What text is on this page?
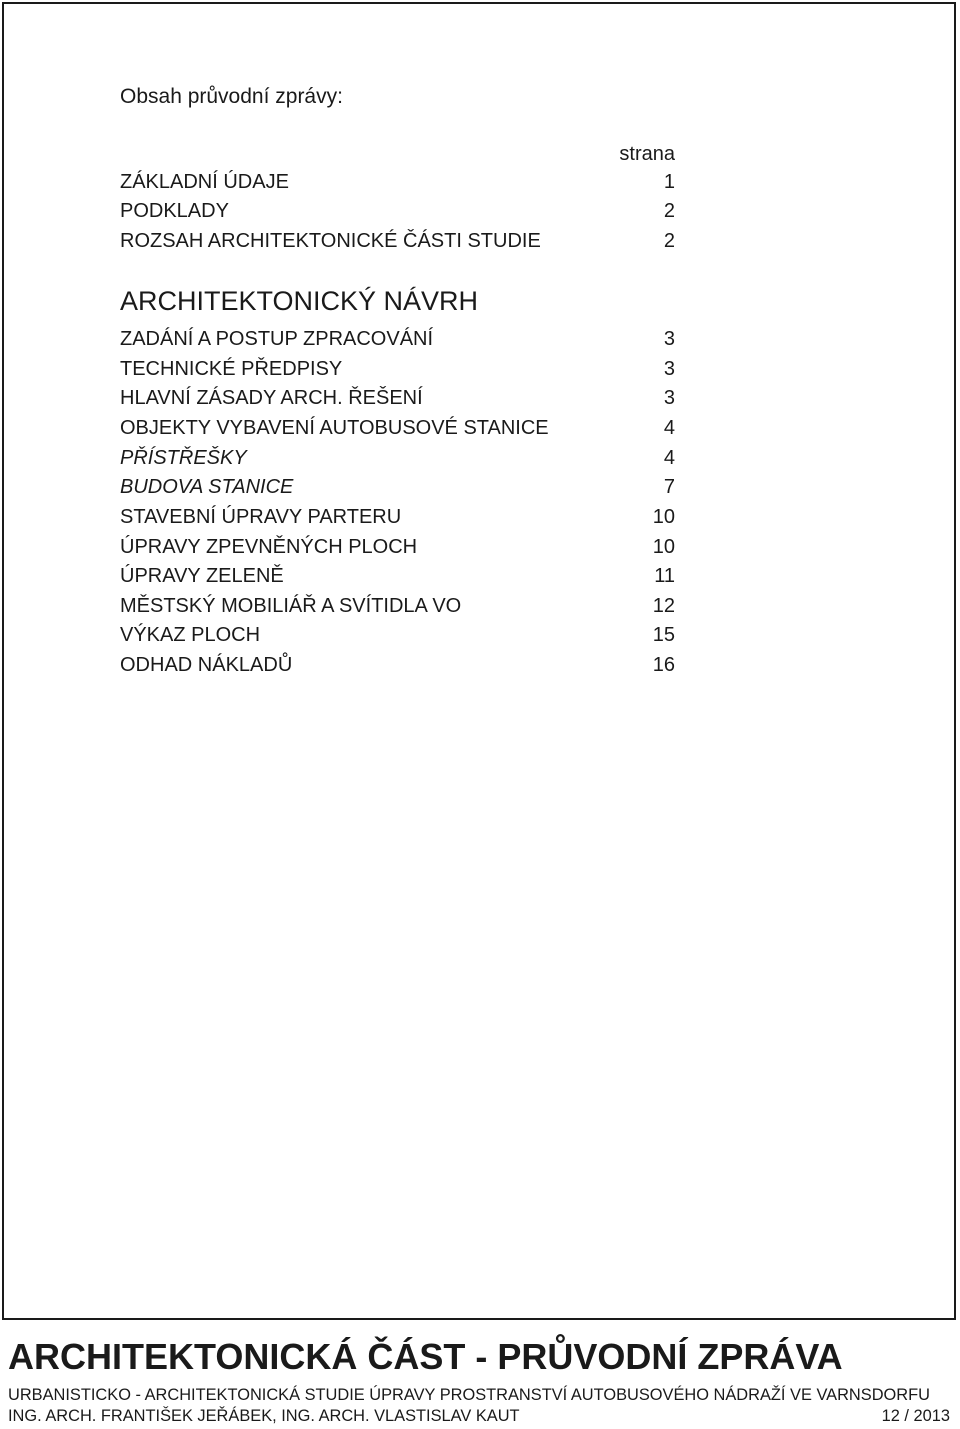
Obsah průvodní zprávy:
strana
ZÁKLADNÍ ÚDAJE	1
PODKLADY	2
ROZSAH ARCHITEKTONICKÉ ČÁSTI STUDIE	2
ARCHITEKTONICKÝ NÁVRH
ZADÁNÍ A POSTUP ZPRACOVÁNÍ	3
TECHNICKÉ PŘEDPISY	3
HLAVNÍ ZÁSADY ARCH. ŘEŠENÍ	3
OBJEKTY VYBAVENÍ AUTOBUSOVÉ STANICE	4
PŘÍSTŘEŠKY	4
BUDOVA STANICE	7
STAVEBNÍ ÚPRAVY PARTERU	10
ÚPRAVY ZPEVNĚNÝCH PLOCH	10
ÚPRAVY ZELENĚ	11
MĚSTSKÝ MOBILIÁŘ A SVÍTIDLA VO	12
VÝKAZ PLOCH	15
ODHAD NÁKLADŮ	16
ARCHITEKTONICKÁ ČÁST - PRŮVODNÍ ZPRÁVA
URBANISTICKO - ARCHITEKTONICKÁ STUDIE ÚPRAVY PROSTRANSTVÍ AUTOBUSOVÉHO NÁDRAŽÍ VE VARNSDORFU
ING. ARCH. FRANTIŠEK JEŘÁBEK, ING. ARCH. VLASTISLAV KAUT	12 / 2013
